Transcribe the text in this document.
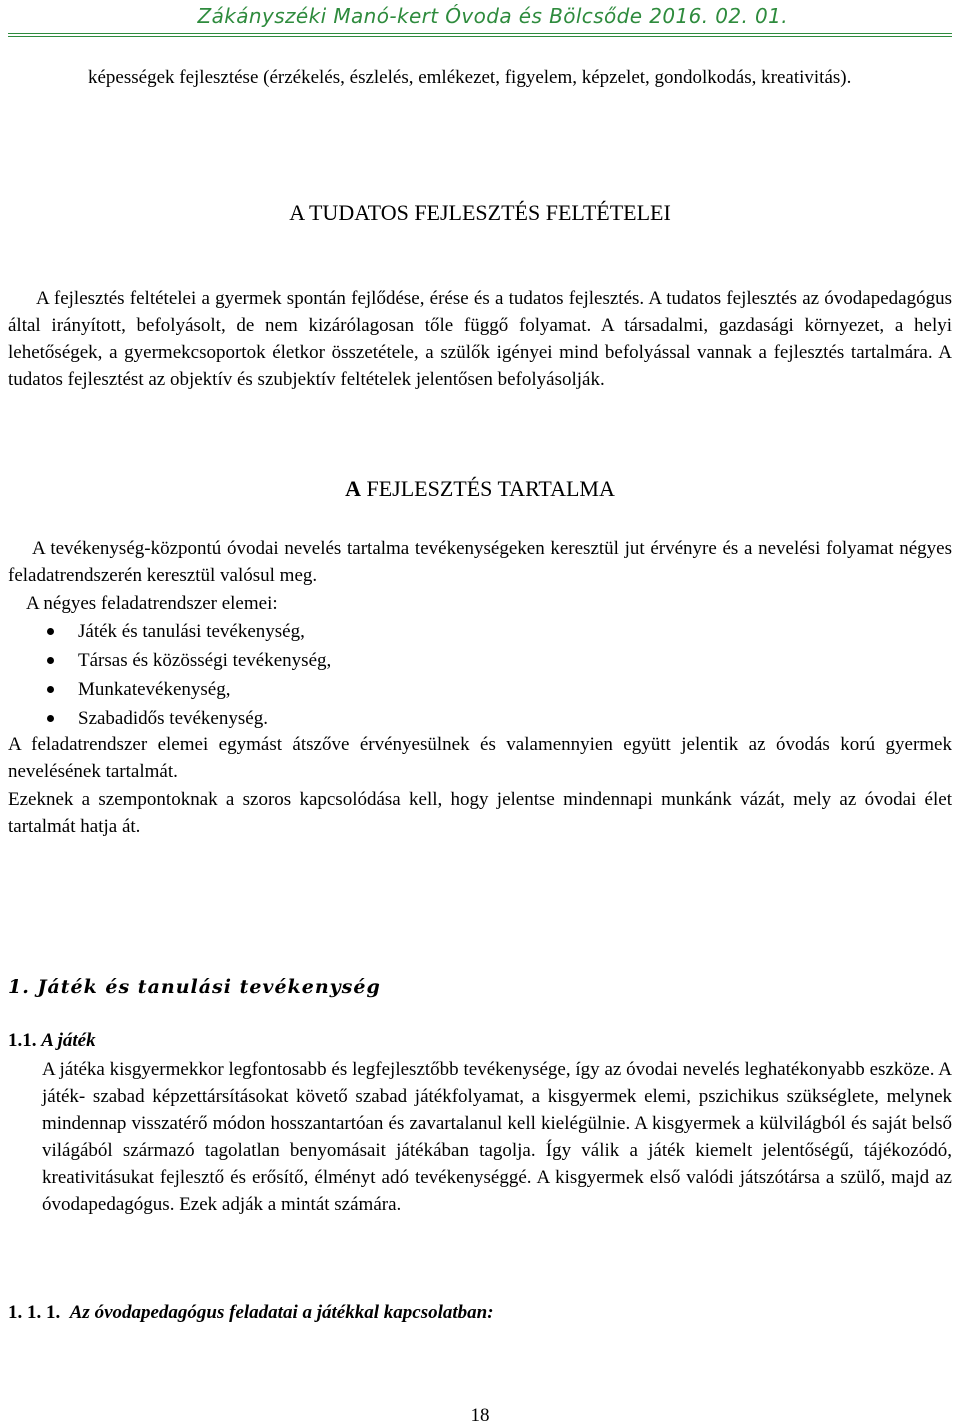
Zákányszéki Manó-kert Óvoda és Bölcsőde 2016. 02. 01.

képességek fejlesztése (érzékelés, észlelés, emlékezet, figyelem, képzelet, gondolkodás, kreativitás).

A TUDATOS FEJLESZTÉS FELTÉTELEI

A fejlesztés feltételei a gyermek spontán fejlődése, érése és a tudatos fejlesztés. A tudatos fejlesztés az óvodapedagógus által irányított, befolyásolt, de nem kizárólagosan tőle függő folyamat. A társadalmi, gazdasági környezet, a helyi lehetőségek, a gyermekcsoportok életkor összetétele, a szülők igényei mind befolyással vannak a fejlesztés tartalmára. A tudatos fejlesztést az objektív és szubjektív feltételek jelentősen befolyásolják.

A FEJLESZTÉS TARTALMA

A tevékenység-központú óvodai nevelés tartalma tevékenységeken keresztül jut érvényre és a nevelési folyamat négyes feladatrendszerén keresztül valósul meg.

A négyes feladatrendszer elemei:

Játék és tanulási tevékenység,
Társas és közösségi tevékenység,
Munkatevékenység,
Szabadidős tevékenység.

A feladatrendszer elemei egymást átszőve érvényesülnek és valamennyien együtt jelentik az óvodás korú gyermek nevelésének tartalmát.

Ezeknek a szempontoknak a szoros kapcsolódása kell, hogy jelentse mindennapi munkánk vázát, mely az óvodai élet tartalmát hatja át.

1. Játék és tanulási tevékenység
1.1. A játék

A játéka kisgyermekkor legfontosabb és legfejlesztőbb tevékenysége, így az óvodai nevelés leghatékonyabb eszköze. A játék- szabad képzettársításokat követő szabad játékfolyamat, a kisgyermek elemi, pszichikus szükséglete, melynek mindennap visszatérő módon hosszantartóan és zavartalanul kell kielégülnie. A kisgyermek a külvilágból és saját belső világából származó tagolatlan benyomásait játékában tagolja. Így válik a játék kiemelt jelentőségű, tájékozódó, kreativitásukat fejlesztő és erősítő, élményt adó tevékenységgé. A kisgyermek első valódi játszótársa a szülő, majd az óvodapedagógus. Ezek adják a mintát számára.

1. 1. 1. Az óvodapedagógus feladatai a játékkal kapcsolatban:
18
